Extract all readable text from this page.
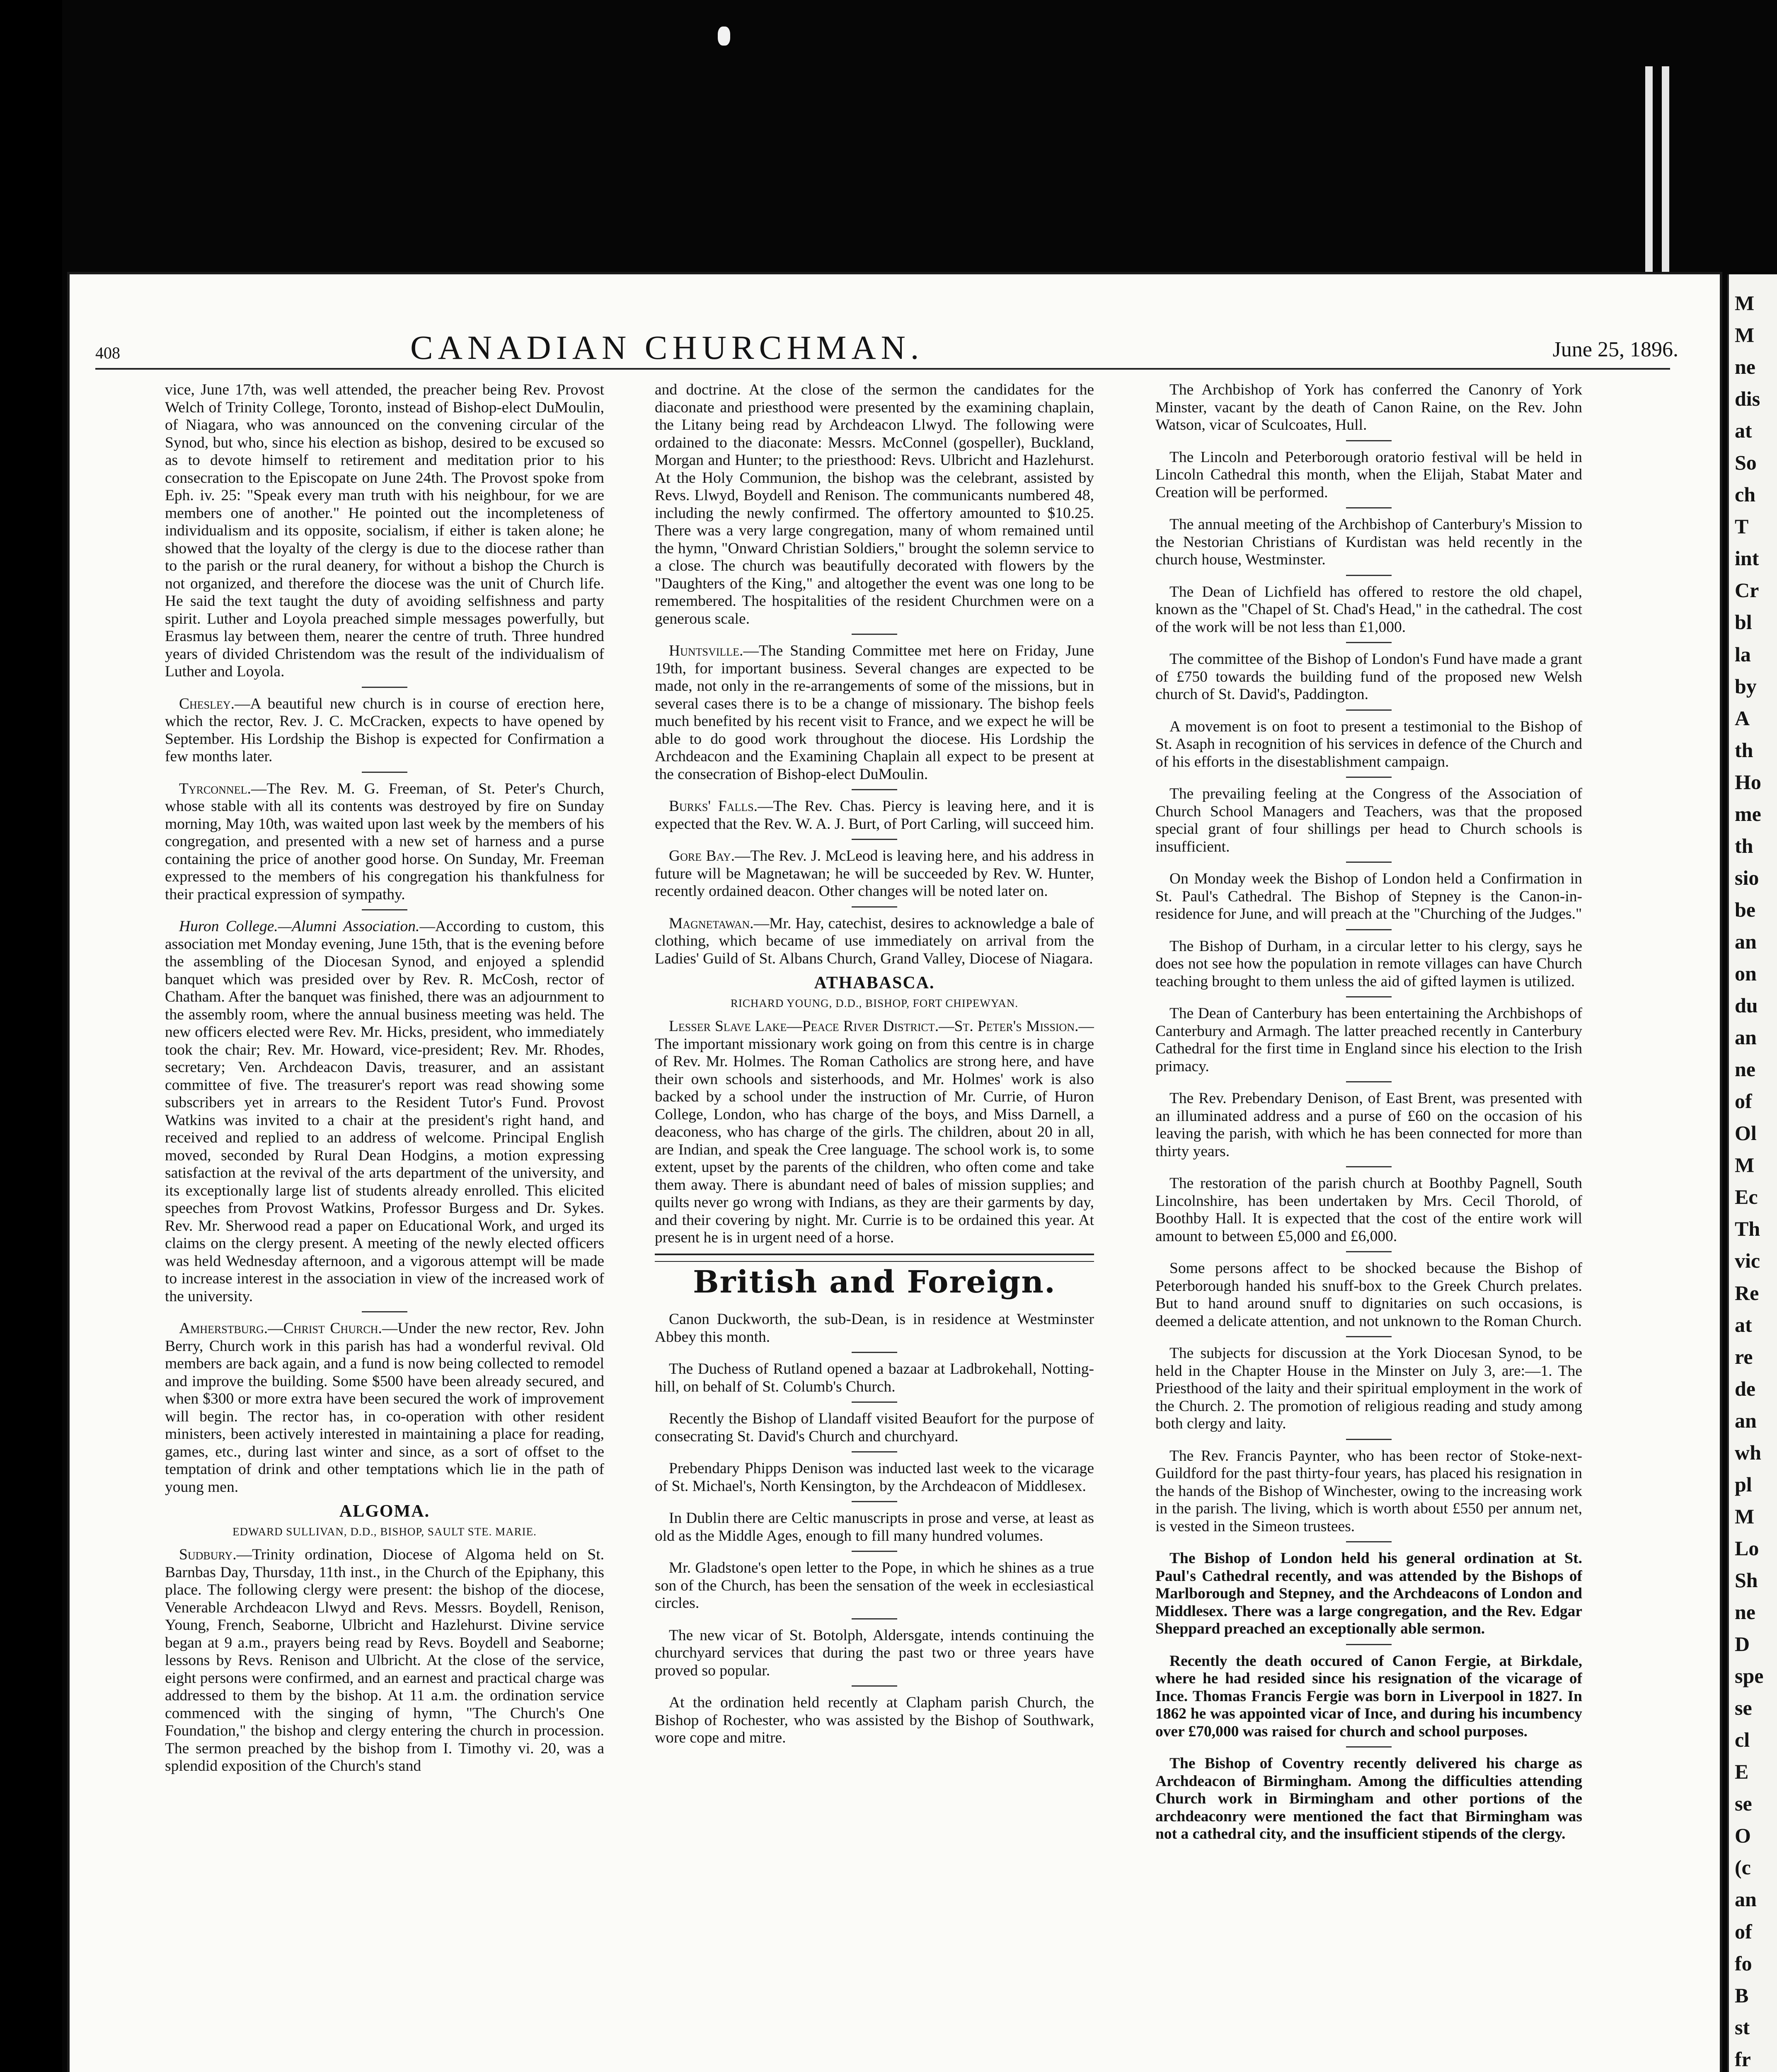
408	CANADIAN CHURCHMAN.	June 25, 1896.

vice, June 17th, was well attended, the preacher being Rev. Provost Welch of Trinity College, Toronto, instead of Bishop-elect DuMoulin, of Niagara, who was announced on the convening circular of the Synod, but who, since his election as bishop, desired to be excused so as to devote himself to retirement and meditation prior to his consecration to the Episcopate on June 24th. The Provost spoke from Eph. iv. 25: "Speak every man truth with his neighbour, for we are members one of another." He pointed out the incompleteness of individualism and its opposite, socialism, if either is taken alone; he showed that the loyalty of the clergy is due to the diocese rather than to the parish or the rural deanery, for without a bishop the Church is not organized, and therefore the diocese was the unit of Church life. He said the text taught the duty of avoiding selfishness and party spirit. Luther and Loyola preached simple messages powerfully, but Erasmus lay between them, nearer the centre of truth. Three hundred years of divided Christendom was the result of the individualism of Luther and Loyola.

Chesley.—A beautiful new church is in course of erection here, which the rector, Rev. J. C. McCracken, expects to have opened by September. His Lordship the Bishop is expected for Confirmation a few months later.

Tyrconnel.—The Rev. M. G. Freeman, of St. Peter's Church, whose stable with all its contents was destroyed by fire on Sunday morning, May 10th, was waited upon last week by the members of his congregation, and presented with a new set of harness and a purse containing the price of another good horse. On Sunday, Mr. Freeman expressed to the members of his congregation his thankfulness for their practical expression of sympathy.

Huron College.—Alumni Association.—According to custom, this association met Monday evening, June 15th, that is the evening before the assembling of the Diocesan Synod, and enjoyed a splendid banquet which was presided over by Rev. R. McCosh, rector of Chatham. After the banquet was finished, there was an adjournment to the assembly room, where the annual business meeting was held. The new officers elected were Rev. Mr. Hicks, president, who immediately took the chair; Rev. Mr. Howard, vice-president; Rev. Mr. Rhodes, secretary; Ven. Archdeacon Davis, treasurer, and an assistant committee of five. The treasurer's report was read showing some subscribers yet in arrears to the Resident Tutor's Fund. Provost Watkins was invited to a chair at the president's right hand, and received and replied to an address of welcome. Principal English moved, seconded by Rural Dean Hodgins, a motion expressing satisfaction at the revival of the arts department of the university, and its exceptionally large list of students already enrolled. This elicited speeches from Provost Watkins, Professor Burgess and Dr. Sykes. Rev. Mr. Sherwood read a paper on Educational Work, and urged its claims on the clergy present. A meeting of the newly elected officers was held Wednesday afternoon, and a vigorous attempt will be made to increase interest in the association in view of the increased work of the university.

Amherstburg.—Christ Church.—Under the new rector, Rev. John Berry, Church work in this parish has had a wonderful revival. Old members are back again, and a fund is now being collected to remodel and improve the building. Some $500 have been already secured, and when $300 or more extra have been secured the work of improvement will begin. The rector has, in co-operation with other resident ministers, been actively interested in maintaining a place for reading, games, etc., during last winter and since, as a sort of offset to the temptation of drink and other temptations which lie in the path of young men.

ALGOMA.
EDWARD SULLIVAN, D.D., BISHOP, SAULT STE. MARIE.

Sudbury.—Trinity ordination, Diocese of Algoma held on St. Barnbas Day, Thursday, 11th inst., in the Church of the Epiphany, this place. The following clergy were present: the bishop of the diocese, Venerable Archdeacon Llwyd and Revs. Messrs. Boydell, Renison, Young, French, Seaborne, Ulbricht and Hazlehurst. Divine service began at 9 a.m., prayers being read by Revs. Boydell and Seaborne; lessons by Revs. Renison and Ulbricht. At the close of the service, eight persons were confirmed, and an earnest and practical charge was addressed to them by the bishop. At 11 a.m. the ordination service commenced with the singing of hymn, "The Church's One Foundation," the bishop and clergy entering the church in procession. The sermon preached by the bishop from I. Timothy vi. 20, was a splendid exposition of the Church's stand

and doctrine. At the close of the sermon the candidates for the diaconate and priesthood were presented by the examining chaplain, the Litany being read by Archdeacon Llwyd. The following were ordained to the diaconate: Messrs. McConnel (gospeller), Buckland, Morgan and Hunter; to the priesthood: Revs. Ulbricht and Hazlehurst. At the Holy Communion, the bishop was the celebrant, assisted by Revs. Llwyd, Boydell and Renison. The communicants numbered 48, including the newly confirmed. The offertory amounted to $10.25. There was a very large congregation, many of whom remained until the hymn, "Onward Christian Soldiers," brought the solemn service to a close. The church was beautifully decorated with flowers by the "Daughters of the King," and altogether the event was one long to be remembered. The hospitalities of the resident Churchmen were on a generous scale.

Huntsville.—The Standing Committee met here on Friday, June 19th, for important business. Several changes are expected to be made, not only in the re-arrangements of some of the missions, but in several cases there is to be a change of missionary. The bishop feels much benefited by his recent visit to France, and we expect he will be able to do good work throughout the diocese. His Lordship the Archdeacon and the Examining Chaplain all expect to be present at the consecration of Bishop-elect DuMoulin.

Burks' Falls.—The Rev. Chas. Piercy is leaving here, and it is expected that the Rev. W. A. J. Burt, of Port Carling, will succeed him.

Gore Bay.—The Rev. J. McLeod is leaving here, and his address in future will be Magnetawan; he will be succeeded by Rev. W. Hunter, recently ordained deacon. Other changes will be noted later on.

Magnetawan.—Mr. Hay, catechist, desires to acknowledge a bale of clothing, which became of use immediately on arrival from the Ladies' Guild of St. Albans Church, Grand Valley, Diocese of Niagara.

ATHABASCA.
RICHARD YOUNG, D.D., BISHOP, FORT CHIPEWYAN.

Lesser Slave Lake—Peace River District.—St. Peter's Mission.—The important missionary work going on from this centre is in charge of Rev. Mr. Holmes. The Roman Catholics are strong here, and have their own schools and sisterhoods, and Mr. Holmes' work is also backed by a school under the instruction of Mr. Currie, of Huron College, London, who has charge of the boys, and Miss Darnell, a deaconess, who has charge of the girls. The children, about 20 in all, are Indian, and speak the Cree language. The school work is, to some extent, upset by the parents of the children, who often come and take them away. There is abundant need of bales of mission supplies; and quilts never go wrong with Indians, as they are their garments by day, and their covering by night. Mr. Currie is to be ordained this year. At present he is in urgent need of a horse.

British and Foreign.

Canon Duckworth, the sub-Dean, is in residence at Westminster Abbey this month.

The Duchess of Rutland opened a bazaar at Ladbrokehall, Notting-hill, on behalf of St. Columb's Church.

Recently the Bishop of Llandaff visited Beaufort for the purpose of consecrating St. David's Church and churchyard.

Prebendary Phipps Denison was inducted last week to the vicarage of St. Michael's, North Kensington, by the Archdeacon of Middlesex.

In Dublin there are Celtic manuscripts in prose and verse, at least as old as the Middle Ages, enough to fill many hundred volumes.

Mr. Gladstone's open letter to the Pope, in which he shines as a true son of the Church, has been the sensation of the week in ecclesiastical circles.

The new vicar of St. Botolph, Aldersgate, intends continuing the churchyard services that during the past two or three years have proved so popular.

At the ordination held recently at Clapham parish Church, the Bishop of Rochester, who was assisted by the Bishop of Southwark, wore cope and mitre.

The Archbishop of York has conferred the Canonry of York Minster, vacant by the death of Canon Raine, on the Rev. John Watson, vicar of Sculcoates, Hull.

The Lincoln and Peterborough oratorio festival will be held in Lincoln Cathedral this month, when the Elijah, Stabat Mater and Creation will be performed.

The annual meeting of the Archbishop of Canterbury's Mission to the Nestorian Christians of Kurdistan was held recently in the church house, Westminster.

The Dean of Lichfield has offered to restore the old chapel, known as the "Chapel of St. Chad's Head," in the cathedral. The cost of the work will be not less than £1,000.

The committee of the Bishop of London's Fund have made a grant of £750 towards the building fund of the proposed new Welsh church of St. David's, Paddington.

A movement is on foot to present a testimonial to the Bishop of St. Asaph in recognition of his services in defence of the Church and of his efforts in the disestablishment campaign.

The prevailing feeling at the Congress of the Association of Church School Managers and Teachers, was that the proposed special grant of four shillings per head to Church schools is insufficient.

On Monday week the Bishop of London held a Confirmation in St. Paul's Cathedral. The Bishop of Stepney is the Canon-in-residence for June, and will preach at the "Churching of the Judges."

The Bishop of Durham, in a circular letter to his clergy, says he does not see how the population in remote villages can have Church teaching brought to them unless the aid of gifted laymen is utilized.

The Dean of Canterbury has been entertaining the Archbishops of Canterbury and Armagh. The latter preached recently in Canterbury Cathedral for the first time in England since his election to the Irish primacy.

The Rev. Prebendary Denison, of East Brent, was presented with an illuminated address and a purse of £60 on the occasion of his leaving the parish, with which he has been connected for more than thirty years.

The restoration of the parish church at Boothby Pagnell, South Lincolnshire, has been undertaken by Mrs. Cecil Thorold, of Boothby Hall. It is expected that the cost of the entire work will amount to between £5,000 and £6,000.

Some persons affect to be shocked because the Bishop of Peterborough handed his snuff-box to the Greek Church prelates. But to hand around snuff to dignitaries on such occasions, is deemed a delicate attention, and not unknown to the Roman Church.

The subjects for discussion at the York Diocesan Synod, to be held in the Chapter House in the Minster on July 3, are:—1. The Priesthood of the laity and their spiritual employment in the work of the Church. 2. The promotion of religious reading and study among both clergy and laity.

The Rev. Francis Paynter, who has been rector of Stoke-next-Guildford for the past thirty-four years, has placed his resignation in the hands of the Bishop of Winchester, owing to the increasing work in the parish. The living, which is worth about £550 per annum net, is vested in the Simeon trustees.

The Bishop of London held his general ordination at St. Paul's Cathedral recently, and was attended by the Bishops of Marlborough and Stepney, and the Archdeacons of London and Middlesex. There was a large congregation, and the Rev. Edgar Sheppard preached an exceptionally able sermon.

Recently the death occured of Canon Fergie, at Birkdale, where he had resided since his resignation of the vicarage of Ince. Thomas Francis Fergie was born in Liverpool in 1827. In 1862 he was appointed vicar of Ince, and during his incumbency over £70,000 was raised for church and school purposes.

The Bishop of Coventry recently delivered his charge as Archdeacon of Birmingham. Among the difficulties attending Church work in Birmingham and other portions of the archdeaconry were mentioned the fact that Birmingham was not a cathedral city, and the insufficient stipends of the clergy.

M
M
ne
dis
at
So
ch
T
int
Cr
bl
la
by
A
th
Ho
me
th
sio
be
an
on
du
an
ne
of
Ol
M
Ec
Th
vic
Re
at
re
de
an
wh
pl
M
Lo
Sh
ne
D
spe
se
cl
E
se
O
(c
an
of
fo
B
st
fr
